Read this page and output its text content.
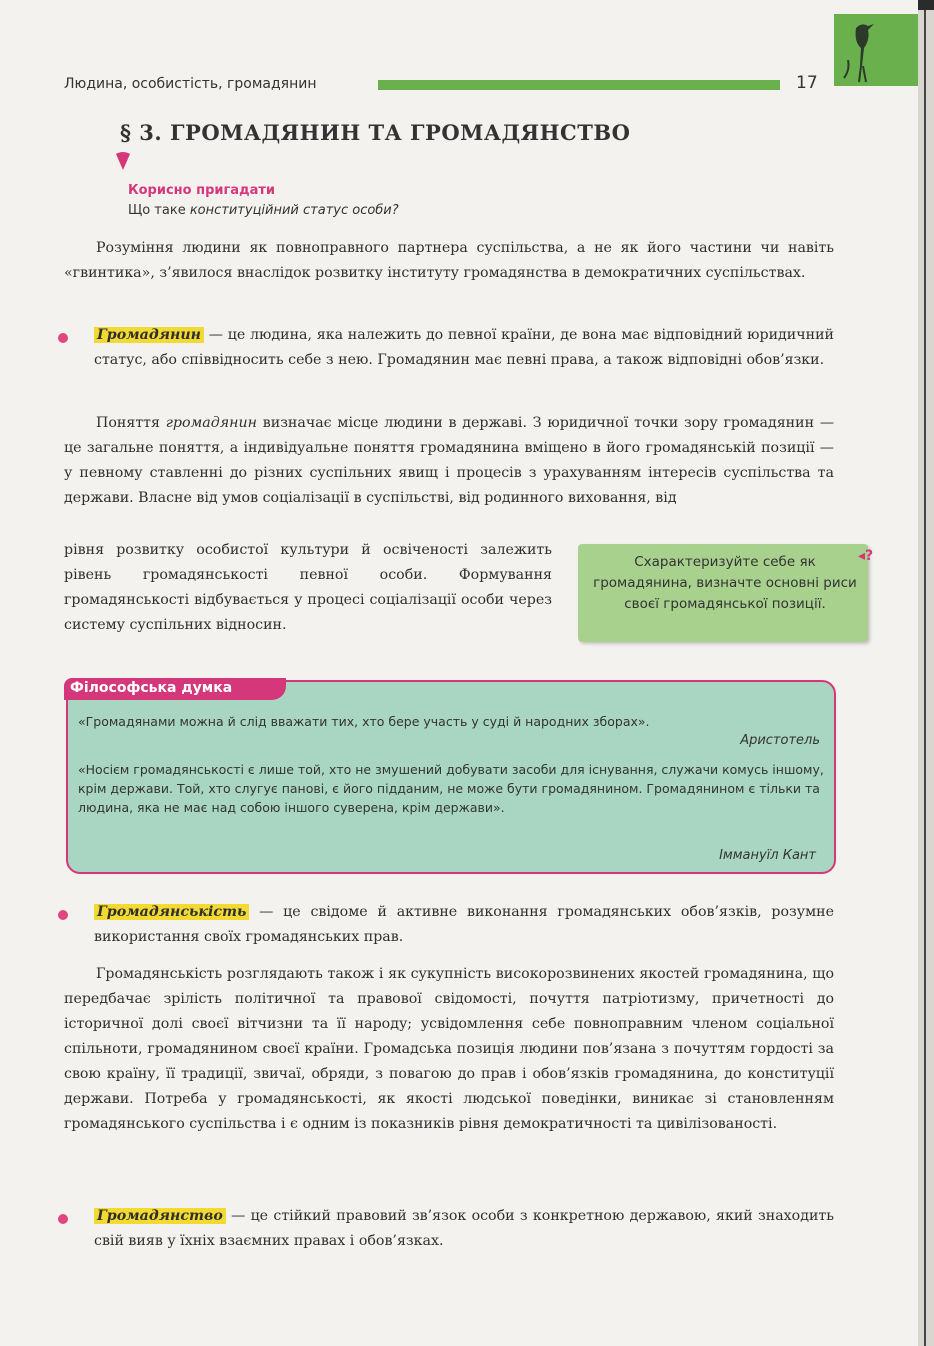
Людина, особистість, громадянин	17
§ 3. ГРОМАДЯНИН ТА ГРОМАДЯНСТВО
Корисно пригадати
Що таке конституційний статус особи?
Розуміння людини як повноправного партнера суспільства, а не як його частини чи навіть «гвинтика», з’явилося внаслідок розвитку інституту громадянства в демократичних суспільствах.
Громадянин — це людина, яка належить до певної країни, де вона має відповідний юридичний статус, або співвідносить себе з нею. Громадянин має певні права, а також відповідні обов’язки.
Поняття громадянин визначає місце людини в державі. З юридичної точки зору громадянин — це загальне поняття, а індивідуальне поняття громадянина вміщено в його громадянській позиції — у певному ставленні до різних суспільних явищ і процесів з урахуванням інтересів суспільства та держави. Власне від умов соціалізації в суспільстві, від родинного виховання, від
рівня розвитку особистої культури й освіченості залежить рівень громадянськості певної особи. Формування громадянськості відбувається у процесі соціалізації особи через систему суспільних відносин.
Схарактеризуйте себе як громадянина, визначте основні риси своєї громадянської позиції.
◂?
Філософська думка
«Громадянами можна й слід вважати тих, хто бере участь у суді й народних зборах».
Аристотель
«Носієм громадянськості є лише той, хто не змушений добувати засоби для існування, служачи комусь іншому, крім держави. Той, хто слугує панові, є його підданим, не може бути громадянином. Громадянином є тільки та людина, яка не має над собою іншого суверена, крім держави».
Іммануїл Кант
Громадянськість — це свідоме й активне виконання громадянських обов’язків, розумне використання своїх громадянських прав.
Громадянськість розглядають також і як сукупність високорозвинених якостей громадянина, що передбачає зрілість політичної та правової свідомості, почуття патріотизму, причетності до історичної долі своєї вітчизни та її народу; усвідомлення себе повноправним членом соціальної спільноти, громадянином своєї країни. Громадська позиція людини пов’язана з почуттям гордості за свою країну, її традиції, звичаї, обряди, з повагою до прав і обов’язків громадянина, до конституції держави. Потреба у громадянськості, як якості людської поведінки, виникає зі становленням громадянського суспільства і є одним із показників рівня демократичності та цивілізованості.
Громадянство — це стійкий правовий зв’язок особи з конкретною державою, який знаходить свій вияв у їхніх взаємних правах і обов’язках.
